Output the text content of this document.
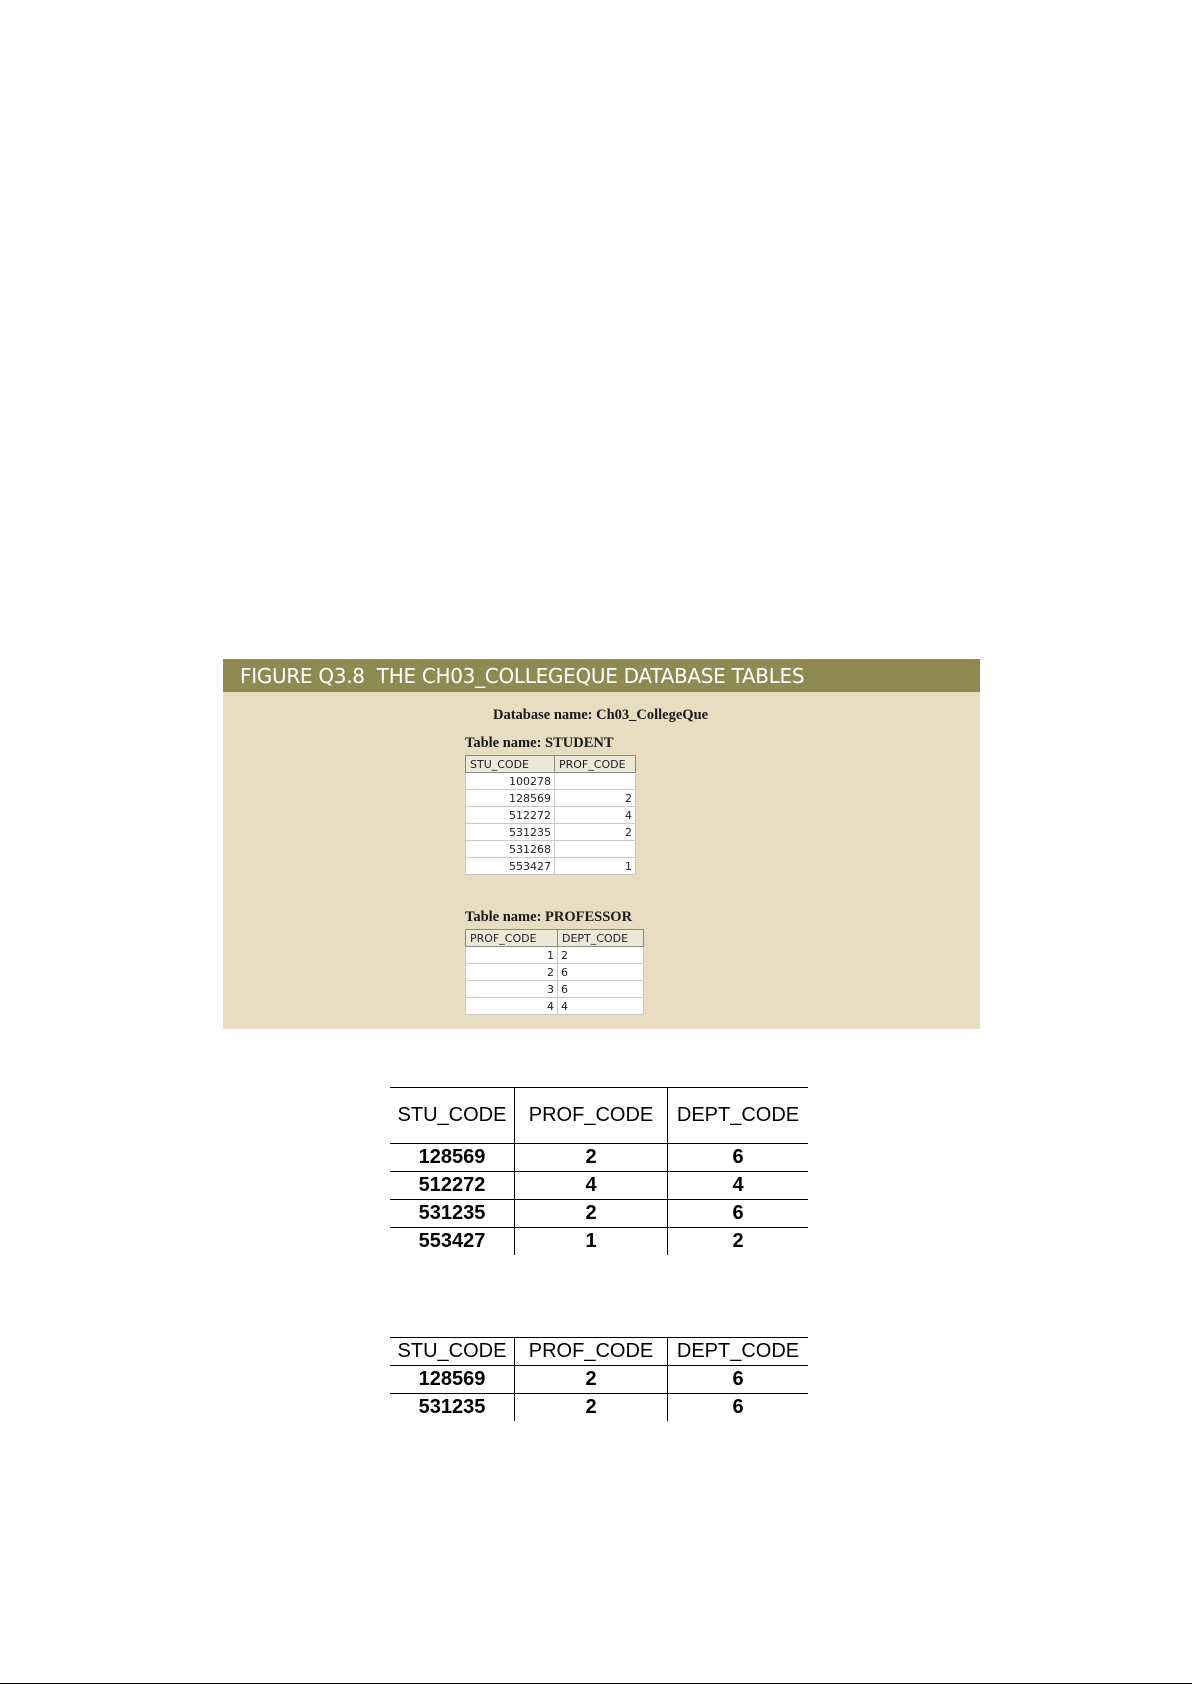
FIGURE Q3.8  THE CH03_COLLEGEQUE DATABASE TABLES
Database name: Ch03_CollegeQue
Table name: STUDENT
STU_CODE	PROF_CODE
100278	
128569	2
512272	4
531235	2
531268	
553427	1
Table name: PROFESSOR
PROF_CODE	DEPT_CODE
1	2
2	6
3	6
4	4
STU_CODE	PROF_CODE	DEPT_CODE
128569	2	6
512272	4	4
531235	2	6
553427	1	2
STU_CODE	PROF_CODE	DEPT_CODE
128569	2	6
531235	2	6
